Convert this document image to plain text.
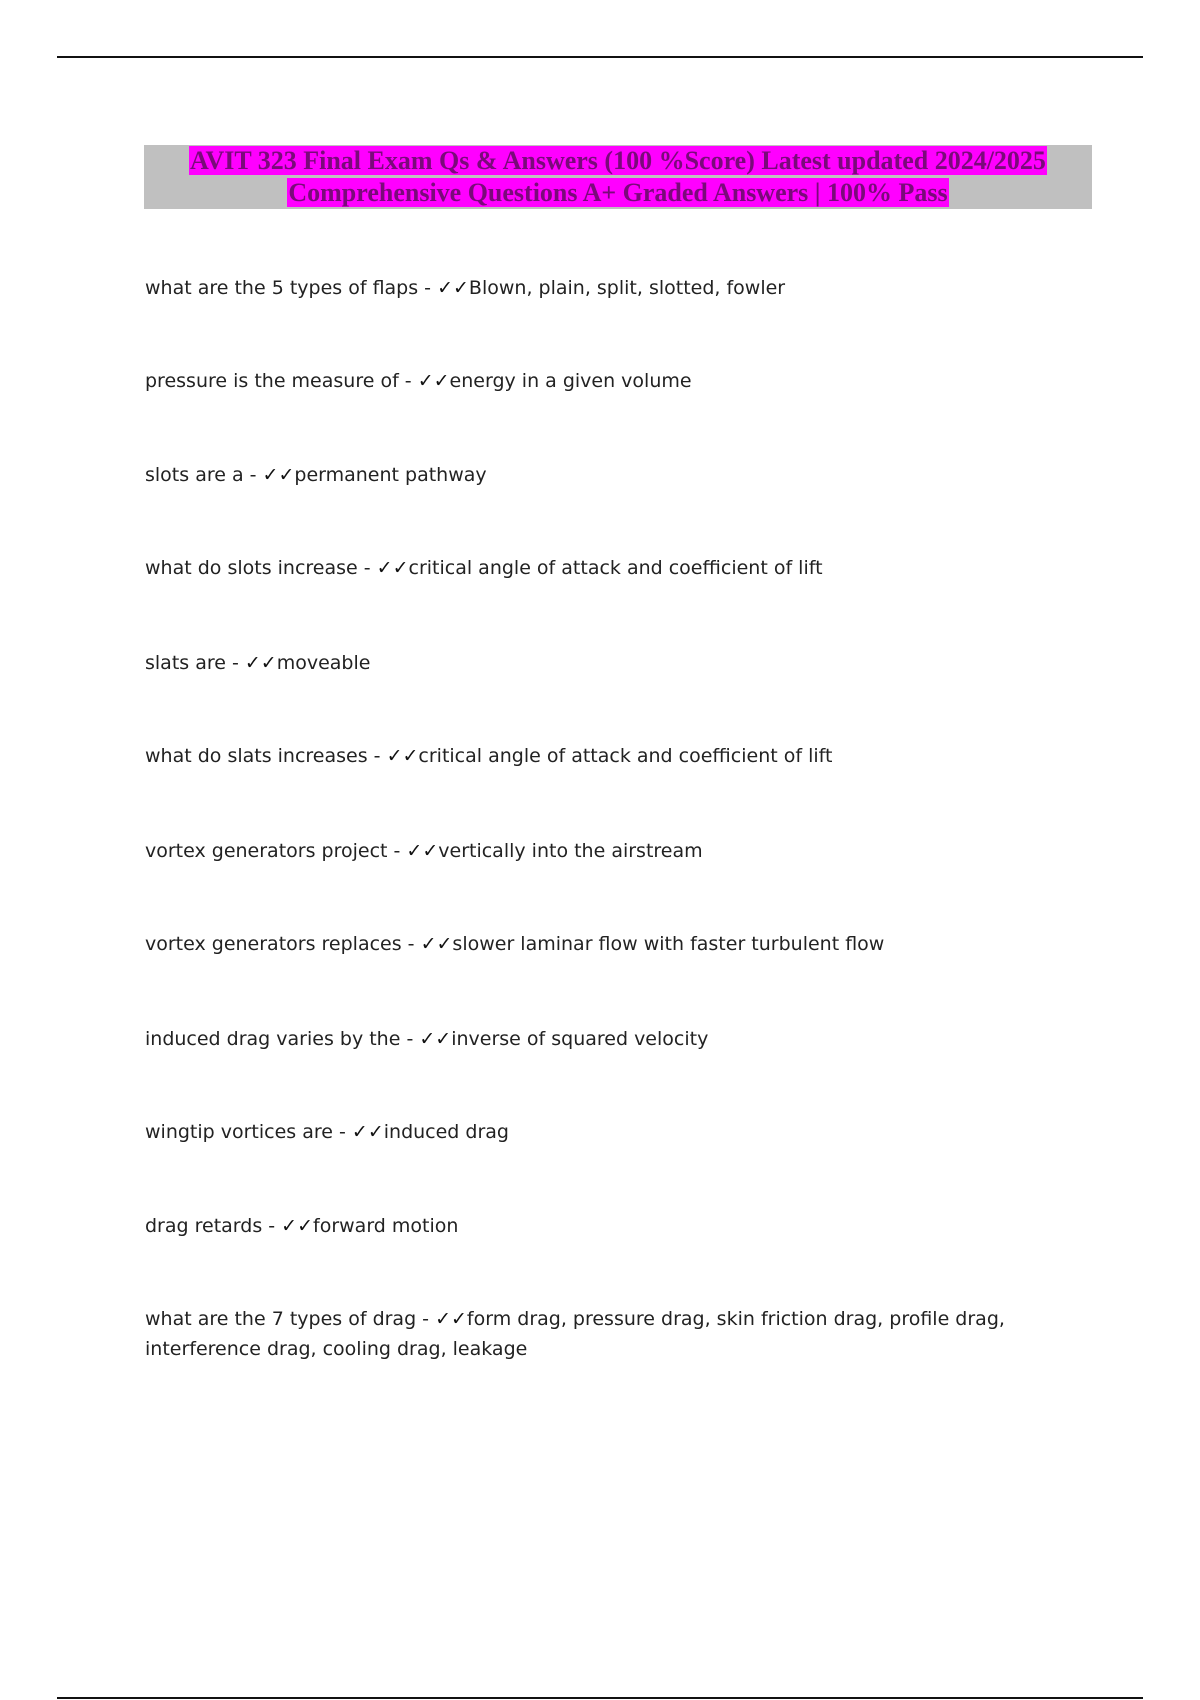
AVIT 323 Final Exam Qs & Answers (100 %Score) Latest updated 2024/2025
Comprehensive Questions A+ Graded Answers | 100% Pass
what are the 5 types of flaps - ✓✓Blown, plain, split, slotted, fowler
pressure is the measure of - ✓✓energy in a given volume
slots are a - ✓✓permanent pathway
what do slots increase - ✓✓critical angle of attack and coefficient of lift
slats are - ✓✓moveable
what do slats increases - ✓✓critical angle of attack and coefficient of lift
vortex generators project - ✓✓vertically into the airstream
vortex generators replaces - ✓✓slower laminar flow with faster turbulent flow
induced drag varies by the - ✓✓inverse of squared velocity
wingtip vortices are - ✓✓induced drag
drag retards - ✓✓forward motion
what are the 7 types of drag - ✓✓form drag, pressure drag, skin friction drag, profile drag, interference drag, cooling drag, leakage
